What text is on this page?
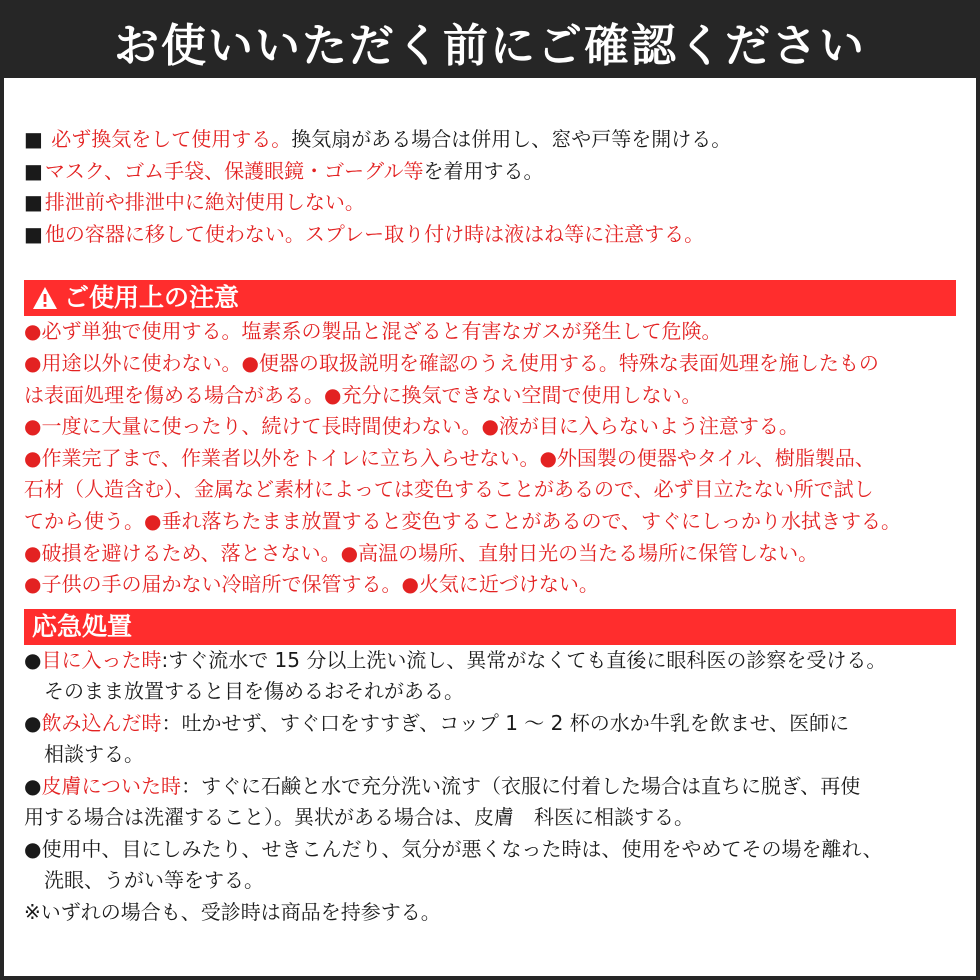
お使いいただく前にご確認ください
■ 必ず換気をして使用する。換気扇がある場合は併用し、窓や戸等を開ける。
■ マスク、ゴム手袋、保護眼鏡・ゴーグル等を着用する。
■ 排泄前や排泄中に絶対使用しない。
■ 他の容器に移して使わない。スプレー取り付け時は液はね等に注意する。
ご使用上の注意
●必ず単独で使用する。塩素系の製品と混ざると有害なガスが発生して危険。
●用途以外に使わない。●便器の取扱説明を確認のうえ使用する。特殊な表面処理を施したもの
は表面処理を傷める場合がある。●充分に換気できない空間で使用しない。
●一度に大量に使ったり、続けて長時間使わない。●液が目に入らないよう注意する。
●作業完了まで、作業者以外をトイレに立ち入らせない。●外国製の便器やタイル、樹脂製品、
石材（人造含む）、金属など素材によっては変色することがあるので、必ず目立たない所で試し
てから使う。●垂れ落ちたまま放置すると変色することがあるので、すぐにしっかり水拭きする。
●破損を避けるため、落とさない。●高温の場所、直射日光の当たる場所に保管しない。
●子供の手の届かない冷暗所で保管する。●火気に近づけない。
応急処置
●目に入った時:すぐ流水で 15 分以上洗い流し、異常がなくても直後に眼科医の診察を受ける。
そのまま放置すると目を傷めるおそれがある。
●飲み込んだ時：吐かせず、すぐ口をすすぎ、コップ 1 ～ 2 杯の水か牛乳を飲ませ、医師に
相談する。
●皮膚についた時：すぐに石鹸と水で充分洗い流す（衣服に付着した場合は直ちに脱ぎ、再使
用する場合は洗濯すること）。異状がある場合は、皮膚　科医に相談する。
●使用中、目にしみたり、せきこんだり、気分が悪くなった時は、使用をやめてその場を離れ、
洗眼、うがい等をする。
※いずれの場合も、受診時は商品を持参する。
